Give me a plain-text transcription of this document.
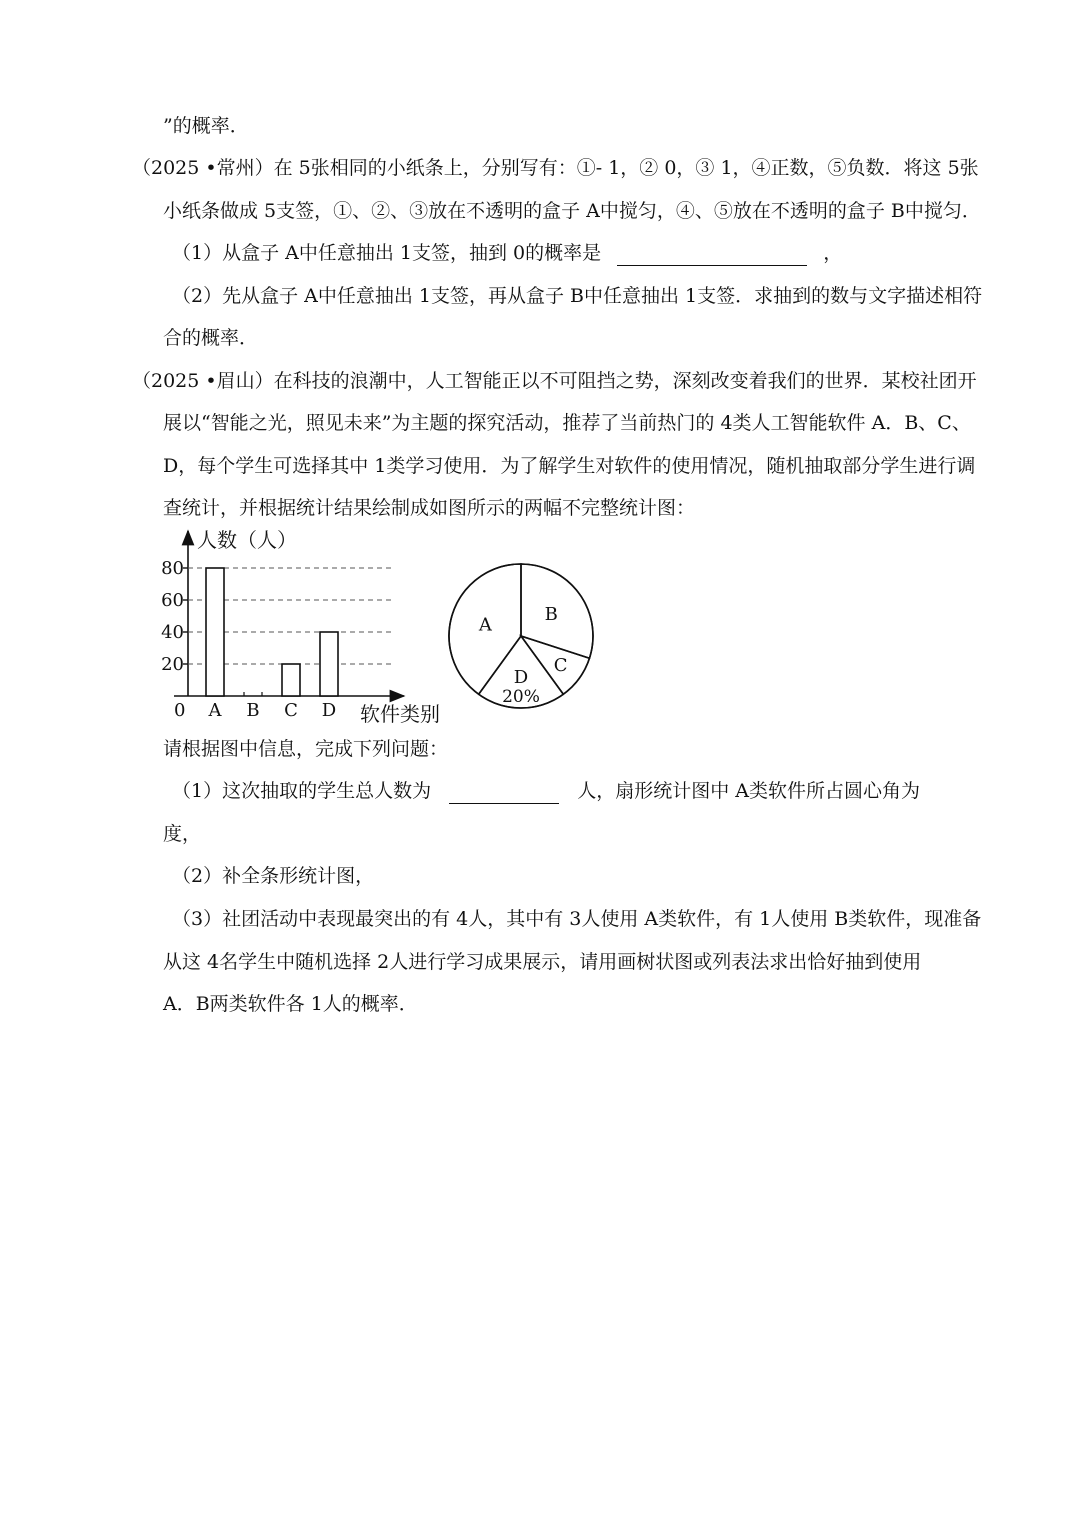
”的概率．
（2025 •常州）在 5张相同的小纸条上，分别写有：①- 1，② 0，③ 1，④正数，⑤负数．将这 5张
小纸条做成 5支签，①、②、③放在不透明的盒子 A中搅匀，④、⑤放在不透明的盒子 B中搅匀．
（1）从盒子 A中任意抽出 1支签，抽到 0的概率是	，
（2）先从盒子 A中任意抽出 1支签，再从盒子 B中任意抽出 1支签．求抽到的数与文字描述相符
合的概率．
（2025 •眉山）在科技的浪潮中，人工智能正以不可阻挡之势，深刻改变着我们的世界．某校社团开
展以“智能之光，照见未来”为主题的探究活动，推荐了当前热门的 4类人工智能软件 A．B、C、
D，每个学生可选择其中 1类学习使用．为了解学生对软件的使用情况，随机抽取部分学生进行调
查统计，并根据统计结果绘制成如图所示的两幅不完整统计图：
人数（人）
软件类别
0
20
40
60
80
A B C D
B
C
D
20%
A
请根据图中信息，完成下列问题：
（1）这次抽取的学生总人数为	人，扇形统计图中 A类软件所占圆心角为
度，
（2）补全条形统计图，
（3）社团活动中表现最突出的有 4人，其中有 3人使用 A类软件，有 1人使用 B类软件，现准备
从这 4名学生中随机选择 2人进行学习成果展示，请用画树状图或列表法求出恰好抽到使用
A．B两类软件各 1人的概率．
